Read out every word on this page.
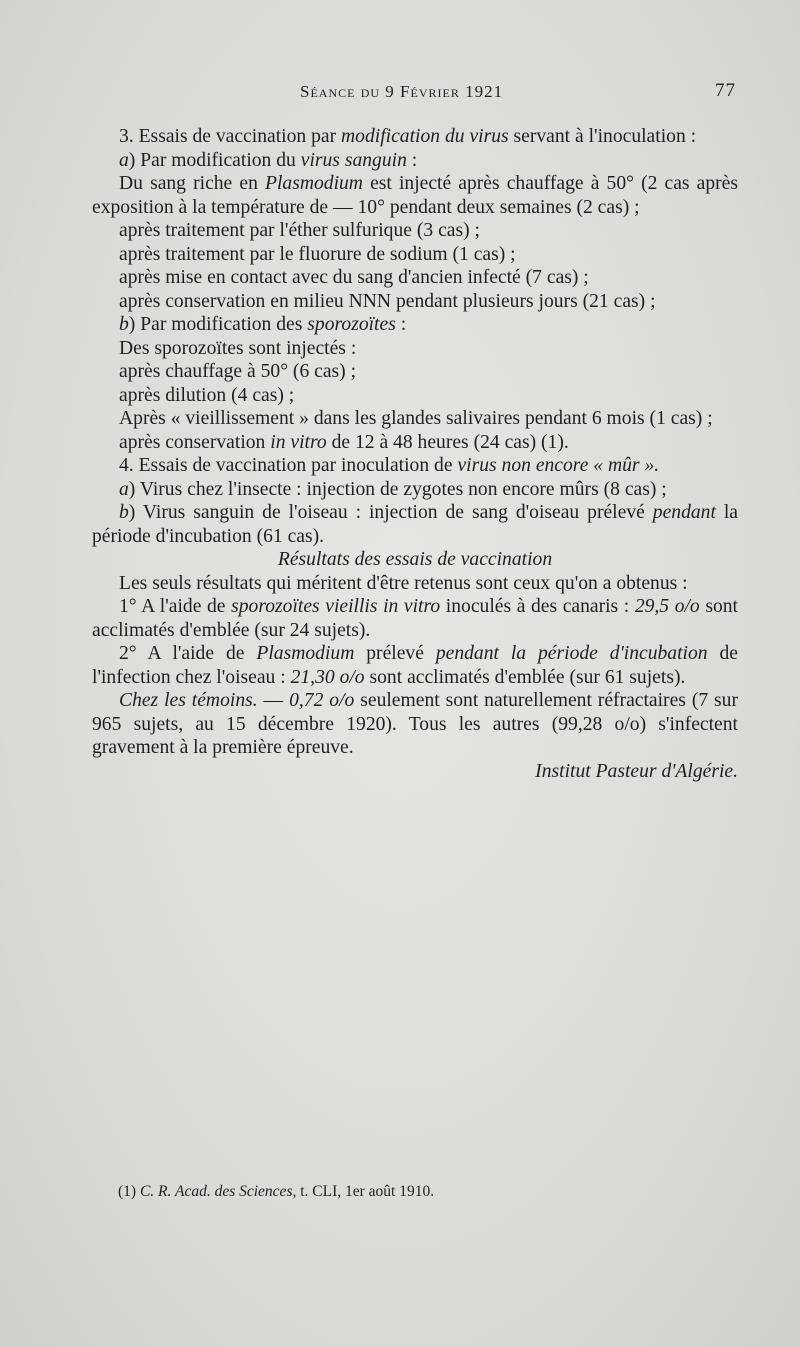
Séance du 9 Février 1921	77

3. Essais de vaccination par modification du virus servant à l'inoculation :

a) Par modification du virus sanguin :

Du sang riche en Plasmodium est injecté après chauffage à 50° (2 cas après exposition à la température de — 10° pendant deux semaines (2 cas) ;

après traitement par l'éther sulfurique (3 cas) ;

après traitement par le fluorure de sodium (1 cas) ;

après mise en contact avec du sang d'ancien infecté (7 cas) ;

après conservation en milieu NNN pendant plusieurs jours (21 cas) ;

b) Par modification des sporozoïtes :

Des sporozoïtes sont injectés :

après chauffage à 50° (6 cas) ;

après dilution (4 cas) ;

Après « vieillissement » dans les glandes salivaires pendant 6 mois (1 cas) ;

après conservation in vitro de 12 à 48 heures (24 cas) (1).

4. Essais de vaccination par inoculation de virus non encore « mûr ».

a) Virus chez l'insecte : injection de zygotes non encore mûrs (8 cas) ;

b) Virus sanguin de l'oiseau : injection de sang d'oiseau prélevé pendant la période d'incubation (61 cas).

Résultats des essais de vaccination

Les seuls résultats qui méritent d'être retenus sont ceux qu'on a obtenus :

1° A l'aide de sporozoïtes vieillis in vitro inoculés à des canaris : 29,5 o/o sont acclimatés d'emblée (sur 24 sujets).

2° A l'aide de Plasmodium prélevé pendant la période d'incubation de l'infection chez l'oiseau : 21,30 o/o sont acclimatés d'emblée (sur 61 sujets).

Chez les témoins. — 0,72 o/o seulement sont naturellement réfractaires (7 sur 965 sujets, au 15 décembre 1920). Tous les autres (99,28 o/o) s'infectent gravement à la première épreuve.

Institut Pasteur d'Algérie.

(1) C. R. Acad. des Sciences, t. CLI, 1er août 1910.
